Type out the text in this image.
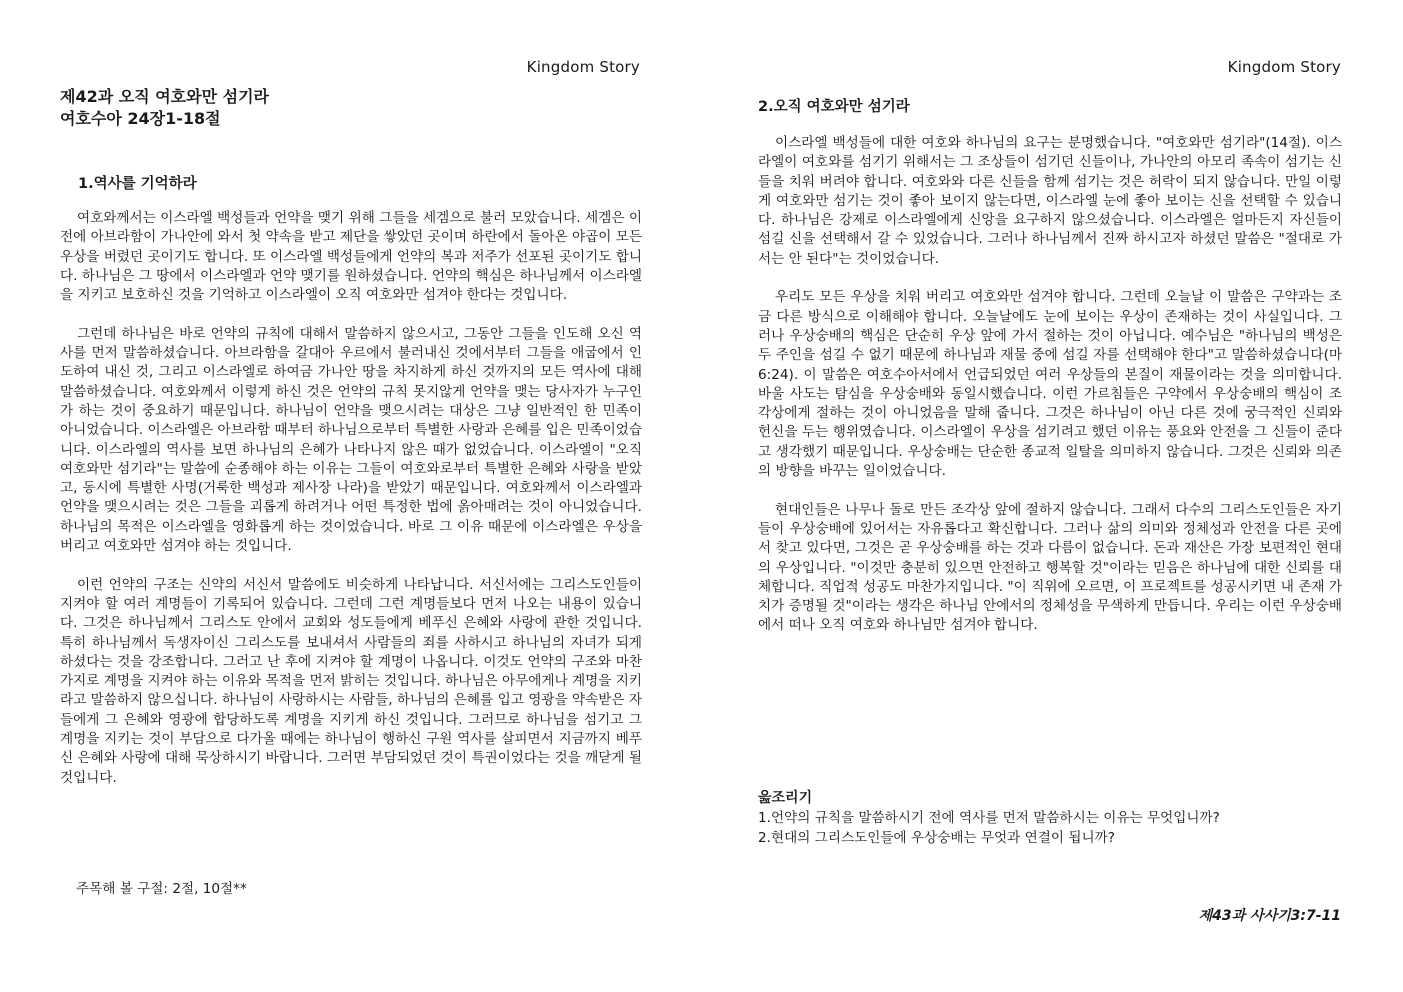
Kingdom Story
제42과 오직 여호와만 섬기라
여호수아 24장1-18절
1.역사를 기억하라

여호와께서는 이스라엘 백성들과 언약을 맺기 위해 그들을 세겜으로 불러 모았습니다. 세겜은 이전에 아브라함이 가나안에 와서 첫 약속을 받고 제단을 쌓았던 곳이며 하란에서 돌아온 야곱이 모든 우상을 버렸던 곳이기도 합니다. 또 이스라엘 백성들에게 언약의 복과 저주가 선포된 곳이기도 합니다. 하나님은 그 땅에서 이스라엘과 언약 맺기를 원하셨습니다. 언약의 핵심은 하나님께서 이스라엘을 지키고 보호하신 것을 기억하고 이스라엘이 오직 여호와만 섬겨야 한다는 것입니다.

그런데 하나님은 바로 언약의 규칙에 대해서 말씀하지 않으시고, 그동안 그들을 인도해 오신 역사를 먼저 말씀하셨습니다. 아브라함을 갈대아 우르에서 불러내신 것에서부터 그들을 애굽에서 인도하여 내신 것, 그리고 이스라엘로 하여금 가나안 땅을 차지하게 하신 것까지의 모든 역사에 대해 말씀하셨습니다. 여호와께서 이렇게 하신 것은 언약의 규칙 못지않게 언약을 맺는 당사자가 누구인가 하는 것이 중요하기 때문입니다. 하나님이 언약을 맺으시려는 대상은 그냥 일반적인 한 민족이 아니었습니다. 이스라엘은 아브라함 때부터 하나님으로부터 특별한 사랑과 은혜를 입은 민족이었습니다. 이스라엘의 역사를 보면 하나님의 은혜가 나타나지 않은 때가 없었습니다. 이스라엘이 "오직 여호와만 섬기라"는 말씀에 순종해야 하는 이유는 그들이 여호와로부터 특별한 은혜와 사랑을 받았고, 동시에 특별한 사명(거룩한 백성과 제사장 나라)을 받았기 때문입니다. 여호와께서 이스라엘과 언약을 맺으시려는 것은 그들을 괴롭게 하려거나 어떤 특정한 법에 옭아매려는 것이 아니었습니다. 하나님의 목적은 이스라엘을 영화롭게 하는 것이었습니다. 바로 그 이유 때문에 이스라엘은 우상을 버리고 여호와만 섬겨야 하는 것입니다.

이런 언약의 구조는 신약의 서신서 말씀에도 비슷하게 나타납니다. 서신서에는 그리스도인들이 지켜야 할 여러 계명들이 기록되어 있습니다. 그런데 그런 계명들보다 먼저 나오는 내용이 있습니다. 그것은 하나님께서 그리스도 안에서 교회와 성도들에게 베푸신 은혜와 사랑에 관한 것입니다. 특히 하나님께서 독생자이신 그리스도를 보내셔서 사람들의 죄를 사하시고 하나님의 자녀가 되게 하셨다는 것을 강조합니다. 그러고 난 후에 지켜야 할 계명이 나옵니다. 이것도 언약의 구조와 마찬가지로 계명을 지켜야 하는 이유와 목적을 먼저 밝히는 것입니다. 하나님은 아무에게나 계명을 지키라고 말씀하지 않으십니다. 하나님이 사랑하시는 사람들, 하나님의 은혜를 입고 영광을 약속받은 자들에게 그 은혜와 영광에 합당하도록 계명을 지키게 하신 것입니다. 그러므로 하나님을 섬기고 그 계명을 지키는 것이 부담으로 다가올 때에는 하나님이 행하신 구원 역사를 살피면서 지금까지 베푸신 은혜와 사랑에 대해 묵상하시기 바랍니다. 그러면 부담되었던 것이 특권이었다는 것을 깨닫게 될 것입니다.

주목해 볼 구절: 2절, 10절**
Kingdom Story
2.오직 여호와만 섬기라

이스라엘 백성들에 대한 여호와 하나님의 요구는 분명했습니다. "여호와만 섬기라"(14절). 이스라엘이 여호와를 섬기기 위해서는 그 조상들이 섬기던 신들이나, 가나안의 아모리 족속이 섬기는 신들을 치워 버려야 합니다. 여호와와 다른 신들을 함께 섬기는 것은 허락이 되지 않습니다. 만일 이렇게 여호와만 섬기는 것이 좋아 보이지 않는다면, 이스라엘 눈에 좋아 보이는 신을 선택할 수 있습니다. 하나님은 강제로 이스라엘에게 신앙을 요구하지 않으셨습니다. 이스라엘은 얼마든지 자신들이 섬길 신을 선택해서 갈 수 있었습니다. 그러나 하나님께서 진짜 하시고자 하셨던 말씀은 "절대로 가서는 안 된다"는 것이었습니다.

우리도 모든 우상을 치워 버리고 여호와만 섬겨야 합니다. 그런데 오늘날 이 말씀은 구약과는 조금 다른 방식으로 이해해야 합니다. 오늘날에도 눈에 보이는 우상이 존재하는 것이 사실입니다. 그러나 우상숭배의 핵심은 단순히 우상 앞에 가서 절하는 것이 아닙니다. 예수님은 "하나님의 백성은 두 주인을 섬길 수 없기 때문에 하나님과 재물 중에 섬길 자를 선택해야 한다"고 말씀하셨습니다(마 6:24). 이 말씀은 여호수아서에서 언급되었던 여러 우상들의 본질이 재물이라는 것을 의미합니다. 바울 사도는 탐심을 우상숭배와 동일시했습니다. 이런 가르침들은 구약에서 우상숭배의 핵심이 조각상에게 절하는 것이 아니었음을 말해 줍니다. 그것은 하나님이 아닌 다른 것에 궁극적인 신뢰와 헌신을 두는 행위였습니다. 이스라엘이 우상을 섬기려고 했던 이유는 풍요와 안전을 그 신들이 준다고 생각했기 때문입니다. 우상숭배는 단순한 종교적 일탈을 의미하지 않습니다. 그것은 신뢰와 의존의 방향을 바꾸는 일이었습니다.

현대인들은 나무나 돌로 만든 조각상 앞에 절하지 않습니다. 그래서 다수의 그리스도인들은 자기들이 우상숭배에 있어서는 자유롭다고 확신합니다. 그러나 삶의 의미와 정체성과 안전을 다른 곳에서 찾고 있다면, 그것은 곧 우상숭배를 하는 것과 다름이 없습니다. 돈과 재산은 가장 보편적인 현대의 우상입니다. "이것만 충분히 있으면 안전하고 행복할 것"이라는 믿음은 하나님에 대한 신뢰를 대체합니다. 직업적 성공도 마찬가지입니다. "이 직위에 오르면, 이 프로젝트를 성공시키면 내 존재 가치가 증명될 것"이라는 생각은 하나님 안에서의 정체성을 무색하게 만듭니다. 우리는 이런 우상숭배에서 떠나 오직 여호와 하나님만 섬겨야 합니다.

읊조리기
1.언약의 규칙을 말씀하시기 전에 역사를 먼저 말씀하시는 이유는 무엇입니까?
2.현대의 그리스도인들에 우상숭배는 무엇과 연결이 됩니까?
제43과 사사기3:7-11
